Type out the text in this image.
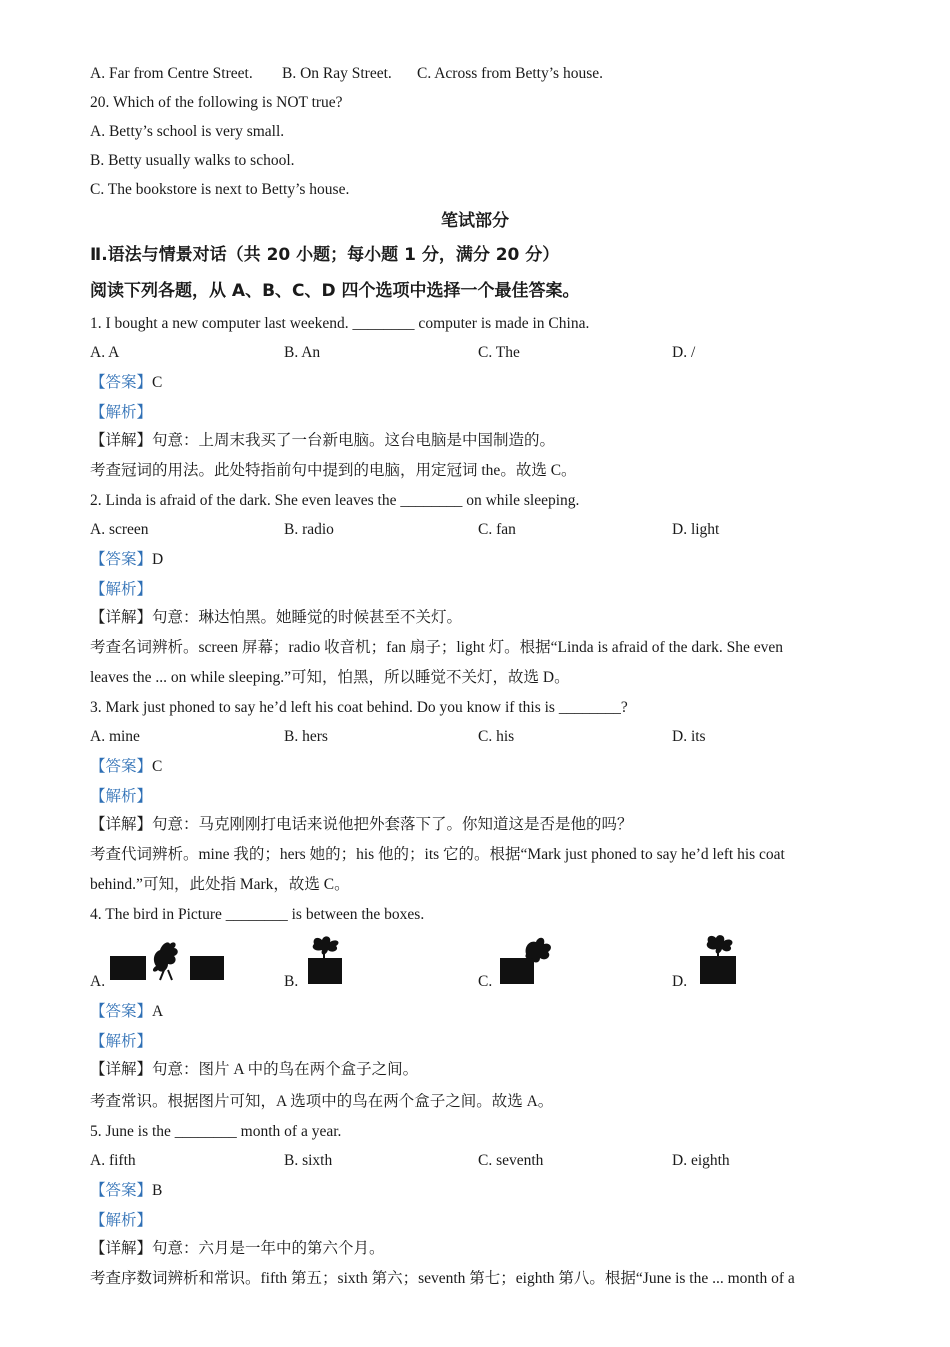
A. Far from Centre Street. B. On Ray Street. C. Across from Betty’s house.
20. Which of the following is NOT true?
A. Betty’s school is very small.
B. Betty usually walks to school.
C. The bookstore is next to Betty’s house.
笔试部分
Ⅱ.语法与情景对话（共 20 小题；每小题 1 分，满分 20 分）
阅读下列各题，从 A、B、C、D 四个选项中选择一个最佳答案。
1. I bought a new computer last weekend. ________ computer is made in China.
A. A	B. An	C. The	D. /
【答案】C
【解析】
【详解】句意：上周末我买了一台新电脑。这台电脑是中国制造的。
考查冠词的用法。此处特指前句中提到的电脑，用定冠词 the。故选 C。
2. Linda is afraid of the dark. She even leaves the ________ on while sleeping.
A. screen	B. radio	C. fan	D. light
【答案】D
【解析】
【详解】句意：琳达怕黑。她睡觉的时候甚至不关灯。
考查名词辨析。screen 屏幕；radio 收音机；fan 扇子；light 灯。根据“Linda is afraid of the dark. She even
leaves the ... on while sleeping.”可知，怕黑，所以睡觉不关灯，故选 D。
3. Mark just phoned to say he’d left his coat behind. Do you know if this is ________?
A. mine	B. hers	C. his	D. its
【答案】C
【解析】
【详解】句意：马克刚刚打电话来说他把外套落下了。你知道这是否是他的吗？
考查代词辨析。mine 我的；hers 她的；his 他的；its 它的。根据“Mark just phoned to say he’d left his coat
behind.”可知，此处指 Mark，故选 C。
4. The bird in Picture ________ is between the boxes.
A.	B.	C.	D.
【答案】A
【解析】
【详解】句意：图片 A 中的鸟在两个盒子之间。
考查常识。根据图片可知，A 选项中的鸟在两个盒子之间。故选 A。
5. June is the ________ month of a year.
A. fifth	B. sixth	C. seventh	D. eighth
【答案】B
【解析】
【详解】句意：六月是一年中的第六个月。
考查序数词辨析和常识。fifth 第五；sixth 第六；seventh 第七；eighth 第八。根据“June is the ... month of a
